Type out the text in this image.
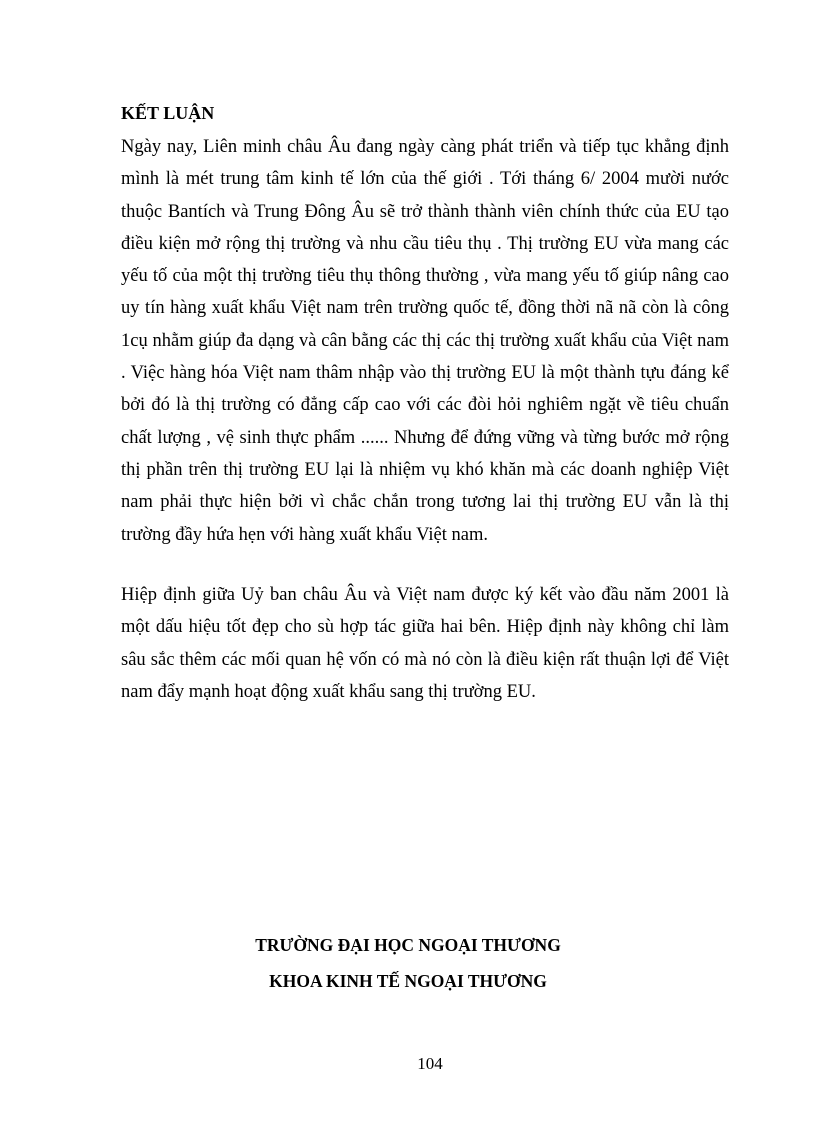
KẾT LUẬN

Ngày nay, Liên minh châu Âu đang ngày càng phát triển và tiếp tục khẳng định mình là mét trung tâm kinh tế lớn của thế giới . Tới tháng 6/ 2004 mười nước thuộc Bantích và Trung Đông Âu sẽ trở thành thành viên chính thức của EU tạo điều kiện mở rộng thị trường và nhu cầu tiêu thụ . Thị trường EU vừa mang các yếu tố của một thị trường tiêu thụ thông thường , vừa mang yếu tố giúp nâng cao uy tín hàng xuất khẩu Việt nam trên trường quốc tế, đồng thời nã nã còn là công 1cụ nhằm giúp đa dạng và cân bằng các thị các thị trường xuất khẩu của Việt nam . Việc hàng hóa Việt nam thâm nhập vào thị trường EU là một thành tựu đáng kể bởi đó là thị trường có đẳng cấp cao với các đòi hỏi nghiêm ngặt về tiêu chuẩn chất lượng , vệ sinh thực phẩm ...... Nhưng để đứng vững và từng bước mở rộng thị phần trên thị trường EU lại là nhiệm vụ khó khăn mà các doanh nghiệp Việt nam phải thực hiện bởi vì chắc chắn trong tương lai thị trường EU vẫn là thị trường đầy hứa hẹn với hàng xuất khẩu Việt nam.

Hiệp định giữa Uỷ ban châu Âu và Việt nam được ký kết vào đầu năm 2001 là một dấu hiệu tốt đẹp cho sù hợp tác giữa hai bên. Hiệp định này không chỉ làm sâu sắc thêm các mối quan hệ vốn có mà nó còn là điều kiện rất thuận lợi để Việt nam đẩy mạnh hoạt động xuất khẩu sang thị trường EU.

TRƯỜNG ĐẠI HỌC NGOẠI THƯƠNG

KHOA KINH TẾ NGOẠI THƯƠNG

104
